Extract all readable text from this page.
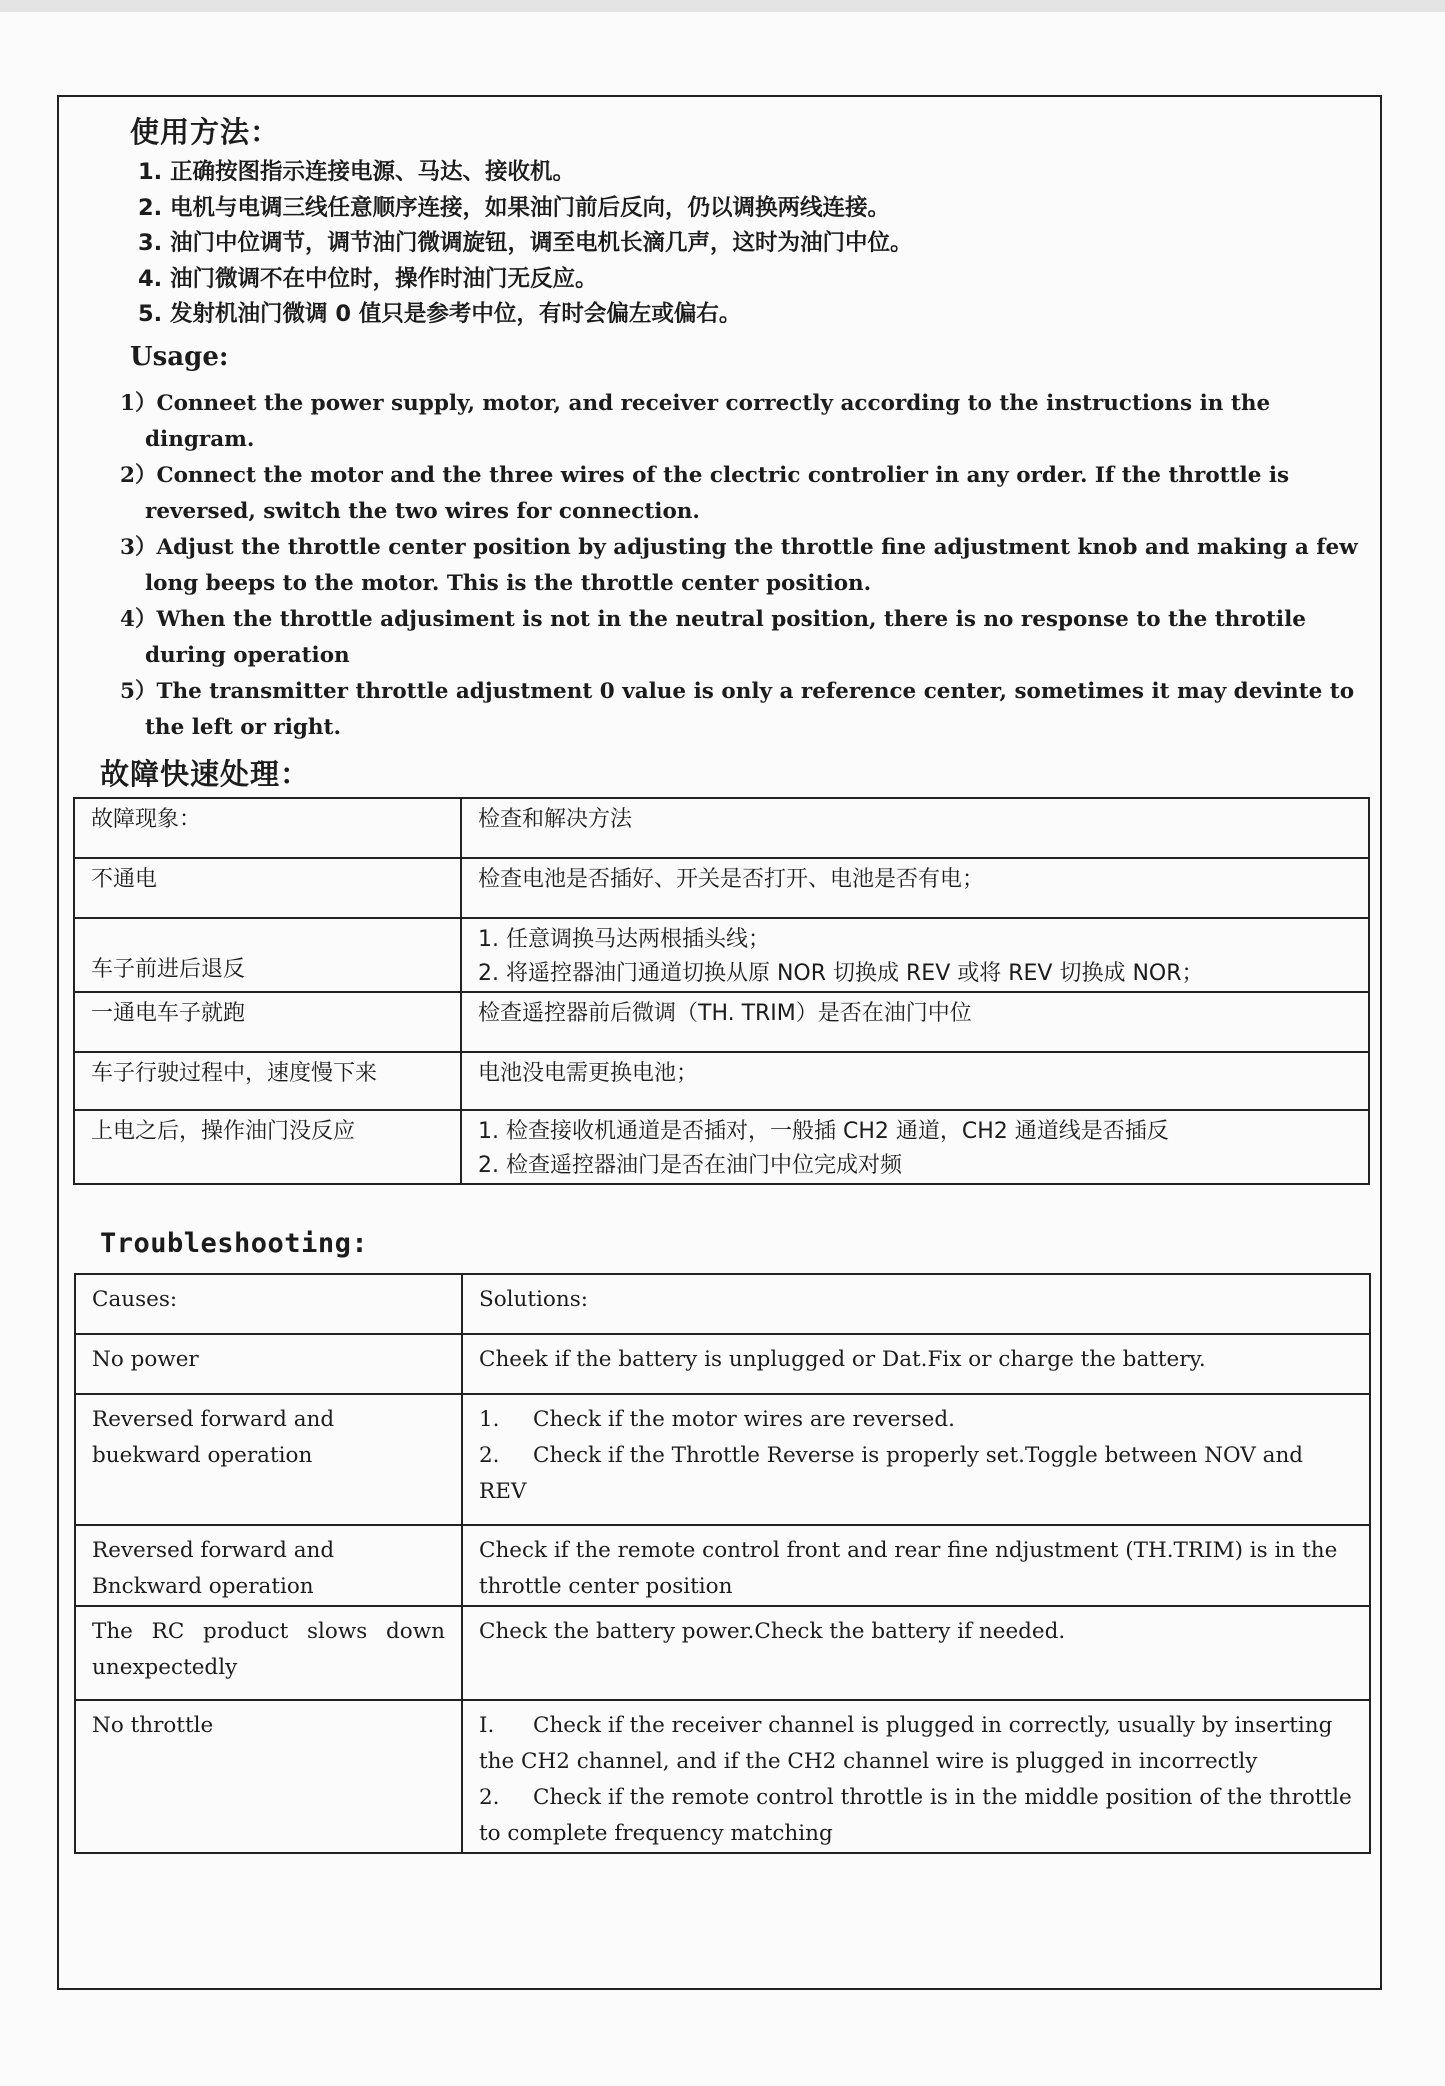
使用方法：
1. 正确按图指示连接电源、马达、接收机。
2. 电机与电调三线任意顺序连接，如果油门前后反向，仍以调换两线连接。
3. 油门中位调节，调节油门微调旋钮，调至电机长滴几声，这时为油门中位。
4. 油门微调不在中位时，操作时油门无反应。
5. 发射机油门微调 0 值只是参考中位，有时会偏左或偏右。
Usage:
1）Conneet the power supply, motor, and receiver correctly according to the instructions in the dingram.
2）Connect the motor and the three wires of the clectric controlier in any order. If the throttle is reversed, switch the two wires for connection.
3）Adjust the throttle center position by adjusting the throttle fine adjustment knob and making a few long beeps to the motor. This is the throttle center position.
4）When the throttle adjusiment is not in the neutral position, there is no response to the throtile during operation
5）The transmitter throttle adjustment 0 value is only a reference center, sometimes it may devinte to the left or right.
故障快速处理：
故障现象：	检查和解决方法
不通电	检查电池是否插好、开关是否打开、电池是否有电；
车子前进后退反	1. 任意调换马达两根插头线；
2. 将遥控器油门通道切换从原 NOR 切换成 REV 或将 REV 切换成 NOR；

一通电车子就跑	检查遥控器前后微调（TH. TRIM）是否在油门中位
车子行驶过程中，速度慢下来	电池没电需更换电池；
上电之后，操作油门没反应	1. 检查接收机通道是否插对，一般插 CH2 通道，CH2 通道线是否插反
2. 检查遥控器油门是否在油门中位完成对频
Troubleshooting:
Causes:	Solutions:
No power	Cheek if the battery is unplugged or Dat.Fix or charge the battery.

Reversed forward and buekward operation	1. Check if the motor wires are reversed.
2. Check if the Throttle Reverse is properly set.Toggle between NOV and REV

Reversed forward and Bnckward operation	Check if the remote control front and rear fine ndjustment (TH.TRIM) is in the throttle center position

The RC product slows down unexpectedly	Check the battery power.Check the battery if needed.

No throttle	I. Check if the receiver channel is plugged in correctly, usually by inserting the CH2 channel, and if the CH2 channel wire is plugged in incorrectly
2. Check if the remote control throttle is in the middle position of the throttle to complete frequency matching
